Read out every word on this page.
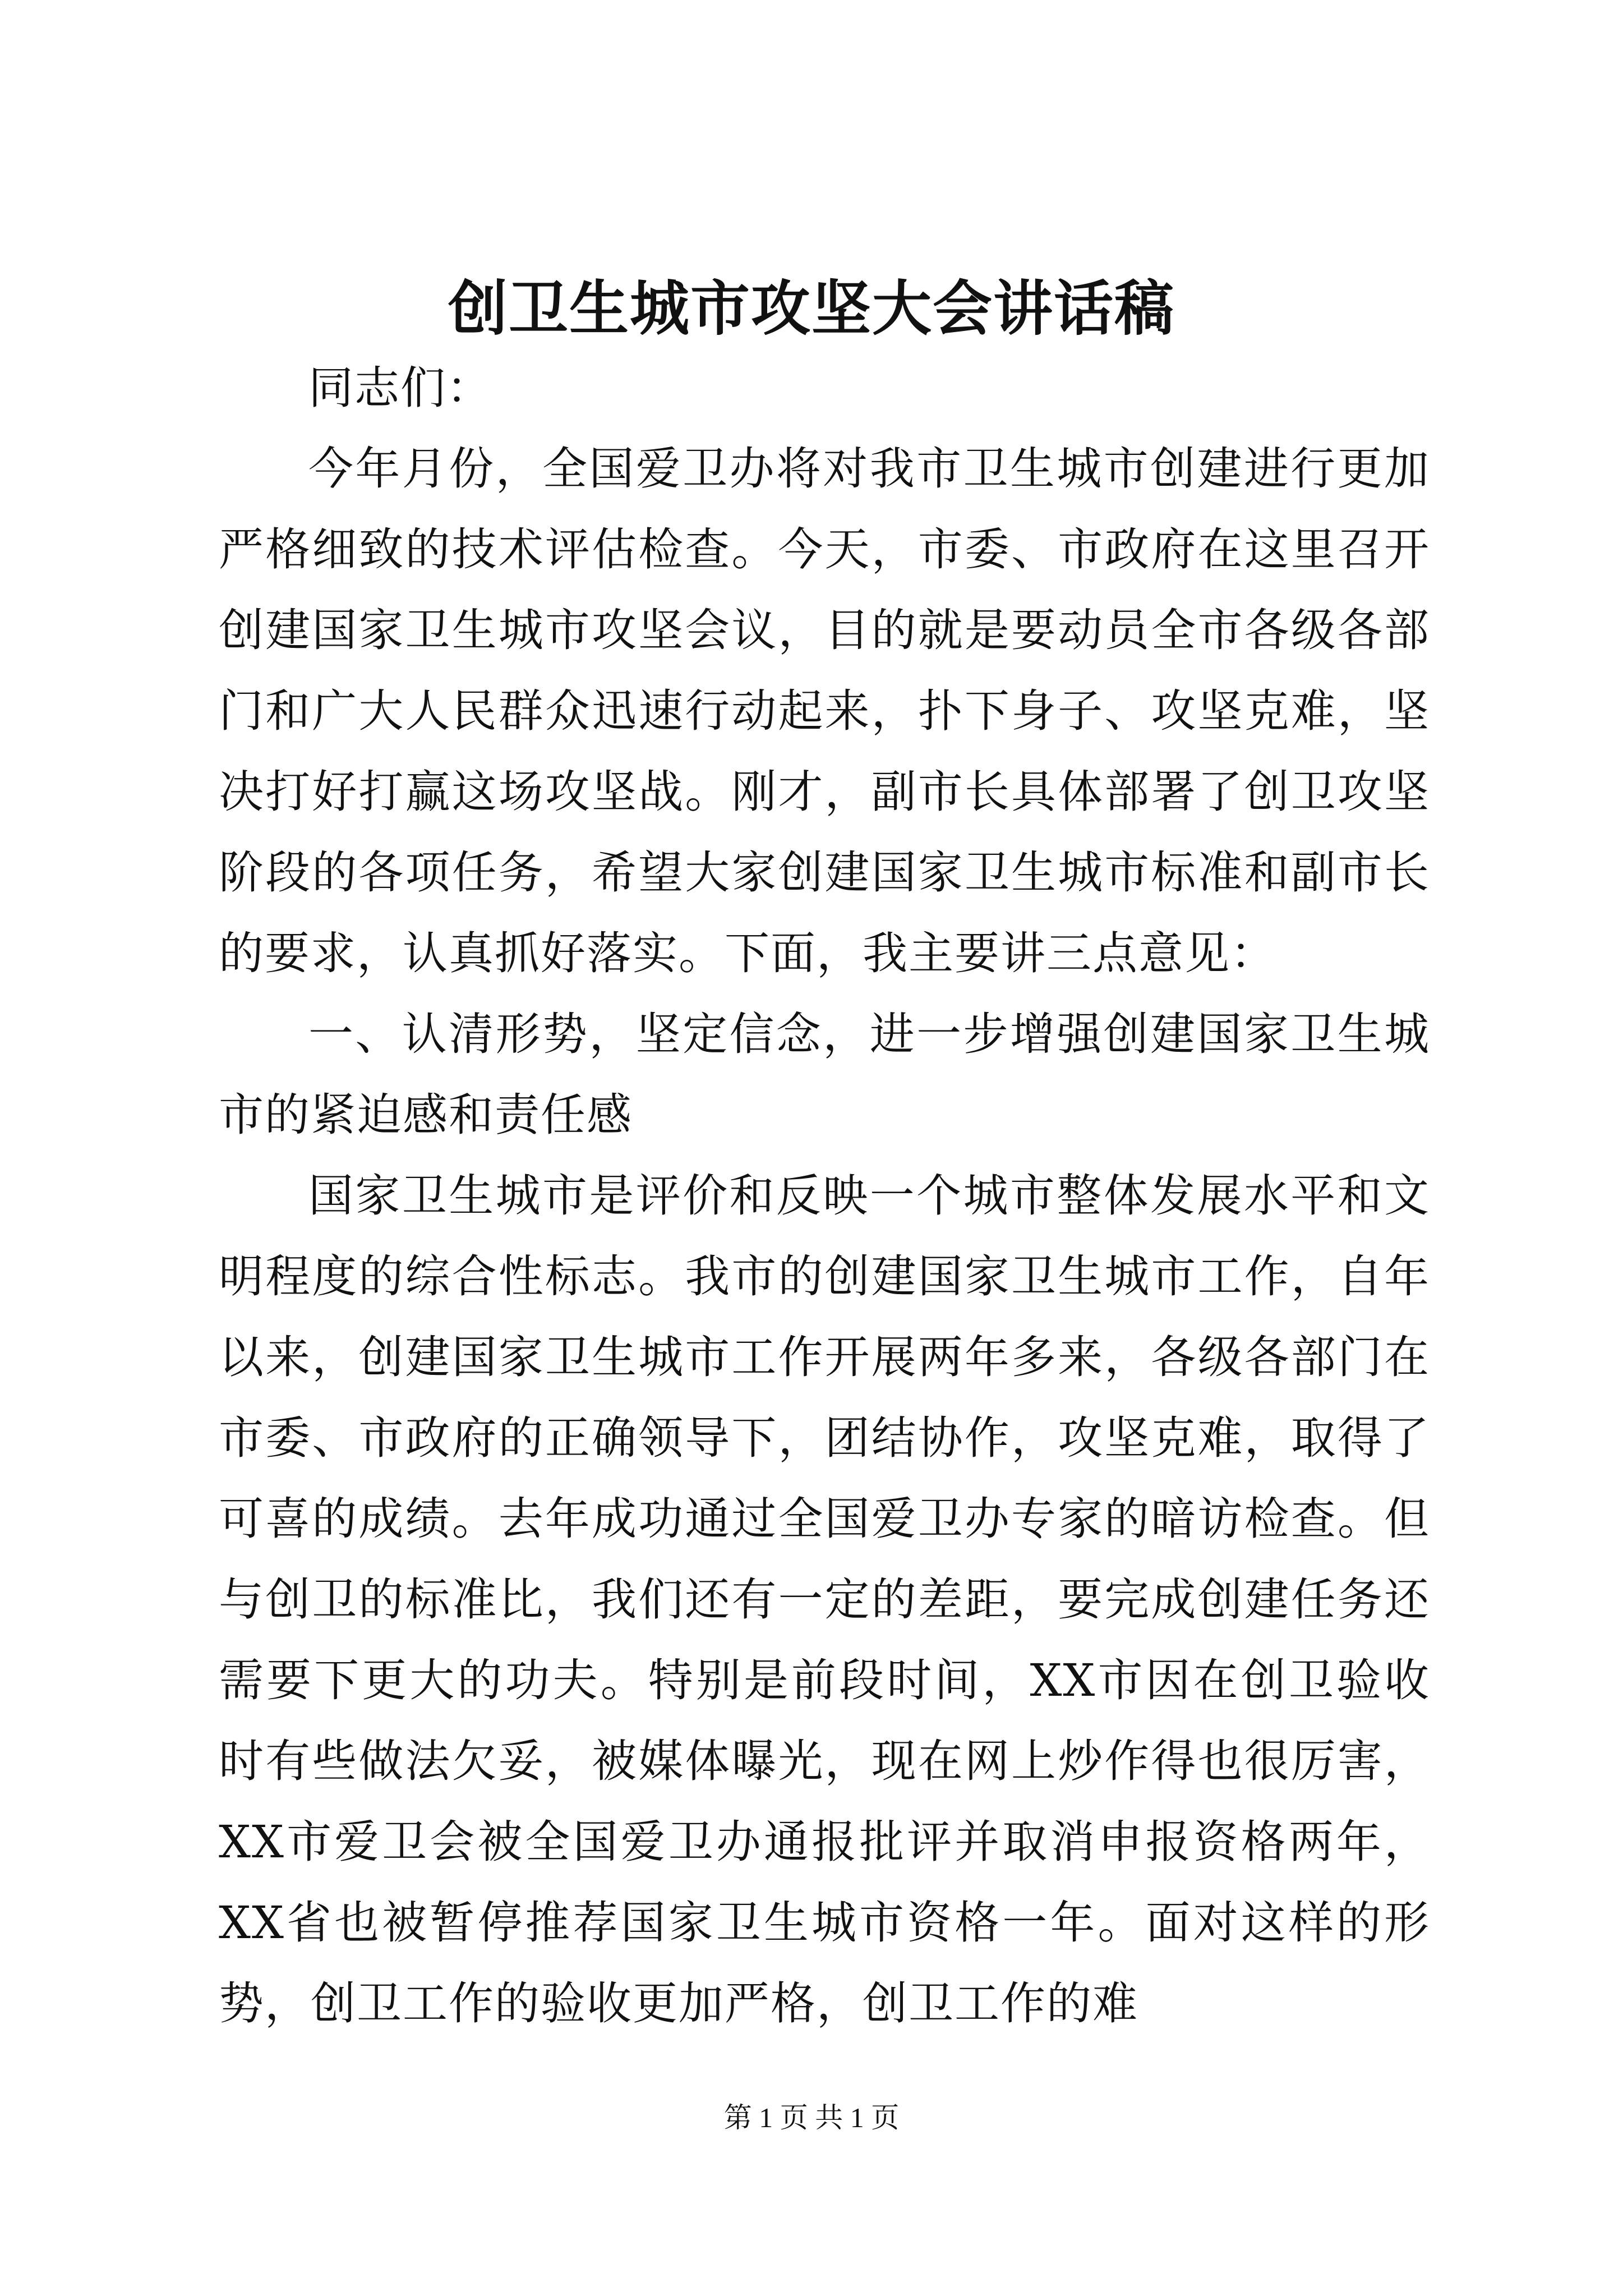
创卫生城市攻坚大会讲话稿

同志们：

今年月份，全国爱卫办将对我市卫生城市创建进行更加严格细致的技术评估检查。今天，市委、市政府在这里召开创建国家卫生城市攻坚会议，目的就是要动员全市各级各部门和广大人民群众迅速行动起来，扑下身子、攻坚克难，坚决打好打赢这场攻坚战。刚才，副市长具体部署了创卫攻坚阶段的各项任务，希望大家创建国家卫生城市标准和副市长的要求，认真抓好落实。下面，我主要讲三点意见：

一、认清形势，坚定信念，进一步增强创建国家卫生城市的紧迫感和责任感

国家卫生城市是评价和反映一个城市整体发展水平和文明程度的综合性标志。我市的创建国家卫生城市工作，自年以来，创建国家卫生城市工作开展两年多来，各级各部门在市委、市政府的正确领导下，团结协作，攻坚克难，取得了可喜的成绩。去年成功通过全国爱卫办专家的暗访检查。但与创卫的标准比，我们还有一定的差距，要完成创建任务还需要下更大的功夫。特别是前段时间，XX市因在创卫验收时有些做法欠妥，被媒体曝光，现在网上炒作得也很厉害，XX市爱卫会被全国爱卫办通报批评并取消申报资格两年，XX省也被暂停推荐国家卫生城市资格一年。面对这样的形势，创卫工作的验收更加严格，创卫工作的难

第 1 页 共 1 页
